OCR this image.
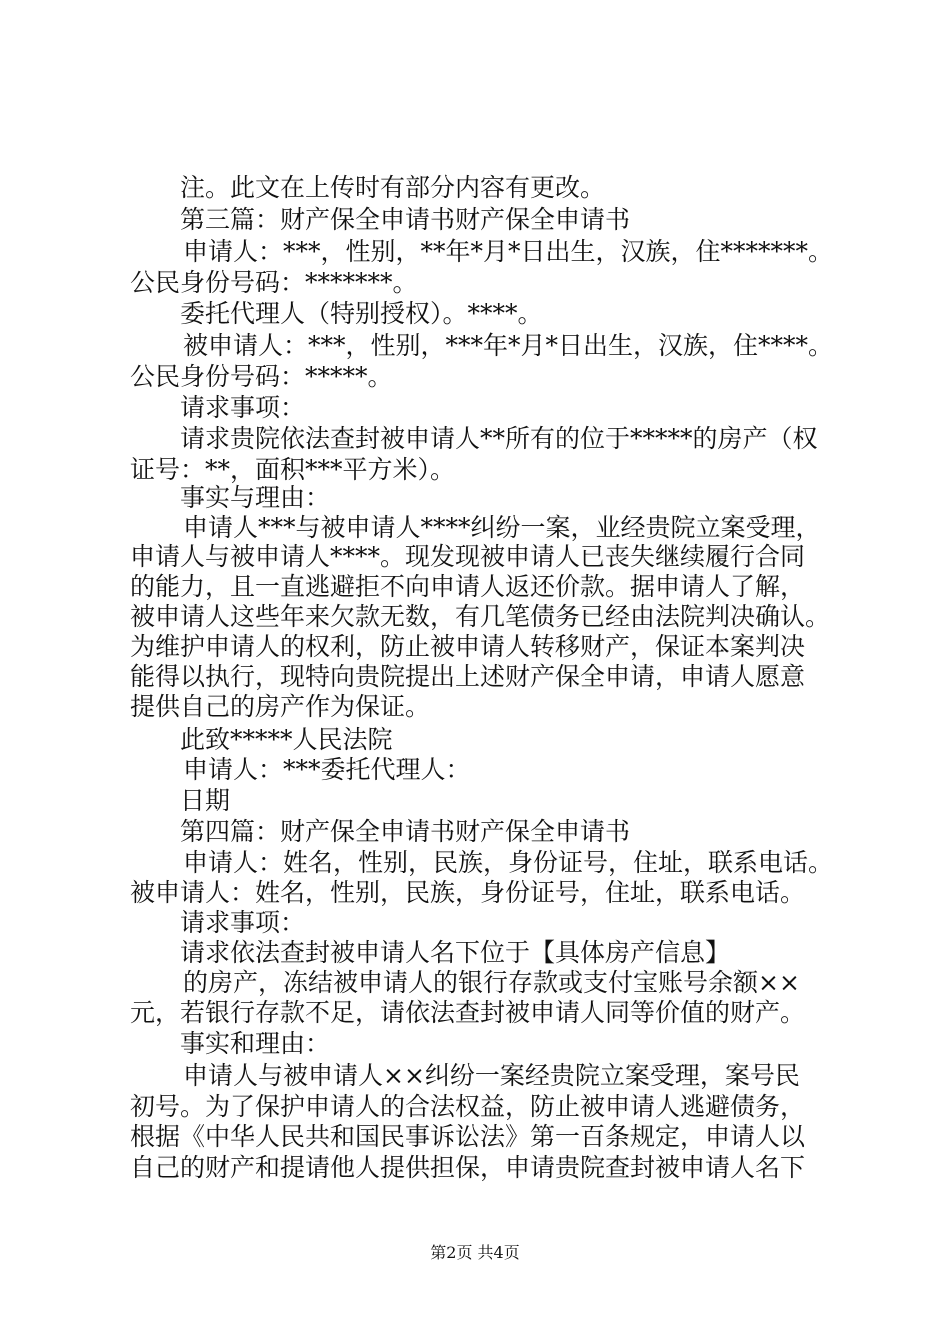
注。此文在上传时有部分内容有更改。
第三篇：财产保全申请书财产保全申请书
申请人：***，性别，**年*月*日出生，汉族，住*******。
公民身份号码：*******。
委托代理人（特别授权）。****。
被申请人：***，性别，***年*月*日出生，汉族，住****。
公民身份号码：*****。
请求事项：
请求贵院依法查封被申请人**所有的位于*****的房产（权
证号：**，面积***平方米）。
事实与理由：
申请人***与被申请人****纠纷一案，业经贵院立案受理，
申请人与被申请人****。现发现被申请人已丧失继续履行合同
的能力，且一直逃避拒不向申请人返还价款。据申请人了解，
被申请人这些年来欠款无数，有几笔债务已经由法院判决确认。
为维护申请人的权利，防止被申请人转移财产，保证本案判决
能得以执行，现特向贵院提出上述财产保全申请，申请人愿意
提供自己的房产作为保证。
此致*****人民法院
申请人：***委托代理人：
日期
第四篇：财产保全申请书财产保全申请书
申请人：姓名，性别，民族，身份证号，住址，联系电话。
被申请人：姓名，性别，民族，身份证号，住址，联系电话。
请求事项：
请求依法查封被申请人名下位于【具体房产信息】
的房产，冻结被申请人的银行存款或支付宝账号余额××
元，若银行存款不足，请依法查封被申请人同等价值的财产。
事实和理由：
申请人与被申请人××纠纷一案经贵院立案受理，案号民
初号。为了保护申请人的合法权益，防止被申请人逃避债务，
根据《中华人民共和国民事诉讼法》第一百条规定，申请人以
自己的财产和提请他人提供担保，申请贵院查封被申请人名下
第2页 共4页
